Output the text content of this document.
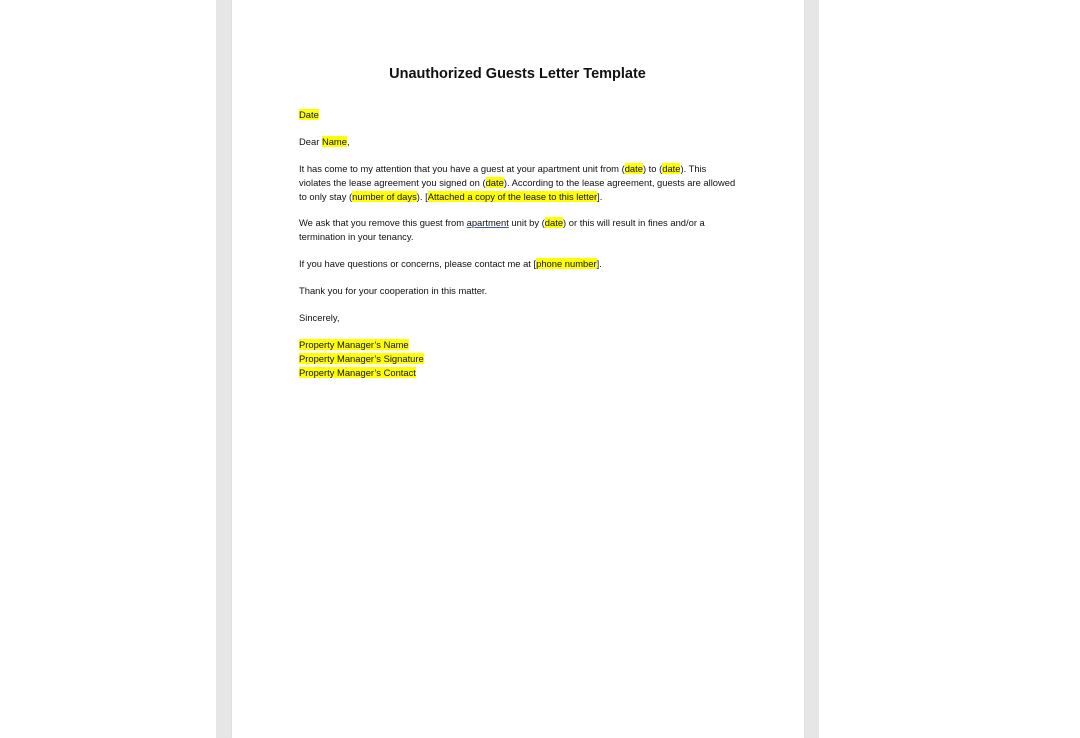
Unauthorized Guests Letter Template
Date
Dear Name,
It has come to my attention that you have a guest at your apartment unit from (date) to (date). This
violates the lease agreement you signed on (date). According to the lease agreement, guests are allowed
to only stay (number of days). [Attached a copy of the lease to this letter].
We ask that you remove this guest from apartment unit by (date) or this will result in fines and/or a
termination in your tenancy.
If you have questions or concerns, please contact me at [phone number].
Thank you for your cooperation in this matter.
Sincerely,
Property Manager’s Name
Property Manager’s Signature
Property Manager’s Contact
